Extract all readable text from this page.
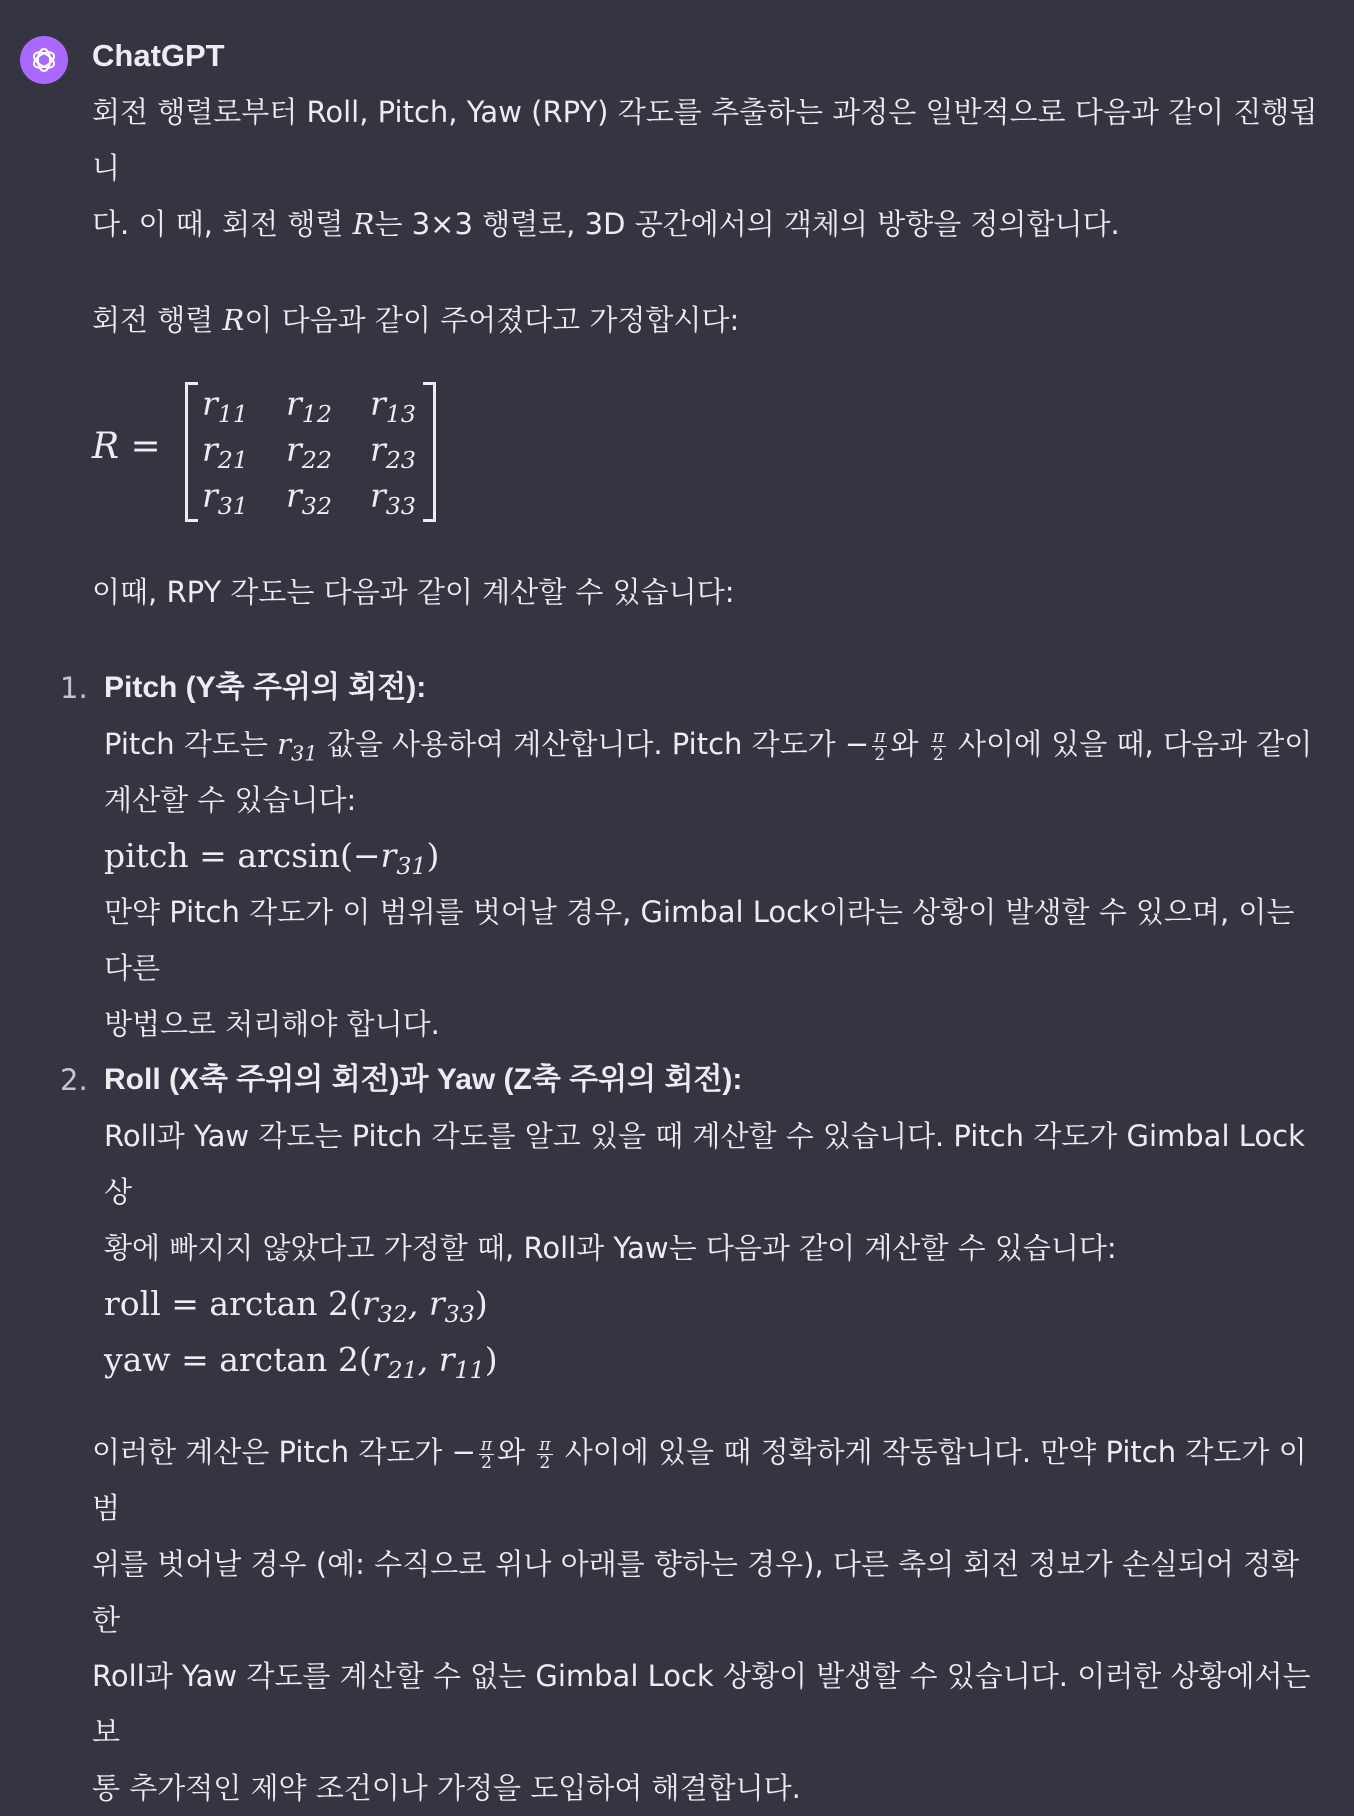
ChatGPT

회전 행렬로부터 Roll, Pitch, Yaw (RPY) 각도를 추출하는 과정은 일반적으로 다음과 같이 진행됩니
다. 이 때, 회전 행렬 R는 3×3 행렬로, 3D 공간에서의 객체의 방향을 정의합니다.

회전 행렬 R이 다음과 같이 주어졌다고 가정합시다:

R =
$r_{11}$	$r_{12}$	$r_{13}$
$r_{21}$	$r_{22}$	$r_{23}$
$r_{31}$	$r_{32}$	$r_{33}$

이때, RPY 각도는 다음과 같이 계산할 수 있습니다:

1. Pitch (Y축 주위의 회전):

Pitch 각도는 $r_{31}$ 값을 사용하여 계산합니다. Pitch 각도가 − $\frac{\pi}{2}$ 와 $\frac{\pi}{2}$ 사이에 있을 때, 다음과 같이
계산할 수 있습니다:

pitch = $\arcsin(-r_{31})$

만약 Pitch 각도가 이 범위를 벗어날 경우, Gimbal Lock이라는 상황이 발생할 수 있으며, 이는 다른
방법으로 처리해야 합니다.

2. Roll (X축 주위의 회전)과 Yaw (Z축 주위의 회전):

Roll과 Yaw 각도는 Pitch 각도를 알고 있을 때 계산할 수 있습니다. Pitch 각도가 Gimbal Lock 상
황에 빠지지 않았다고 가정할 때, Roll과 Yaw는 다음과 같이 계산할 수 있습니다:

roll = $\arctan 2(r_{32}$, $r_{33}$)
yaw = $\arctan 2(r_{21}$, $r_{11}$)

이러한 계산은 Pitch 각도가 − $\frac{\pi}{2}$ 와 $\frac{\pi}{2}$ 사이에 있을 때 정확하게 작동합니다. 만약 Pitch 각도가 이 범
위를 벗어날 경우 (예: 수직으로 위나 아래를 향하는 경우), 다른 축의 회전 정보가 손실되어 정확한
Roll과 Yaw 각도를 계산할 수 없는 Gimbal Lock 상황이 발생할 수 있습니다. 이러한 상황에서는 보
통 추가적인 제약 조건이나 가정을 도입하여 해결합니다.
